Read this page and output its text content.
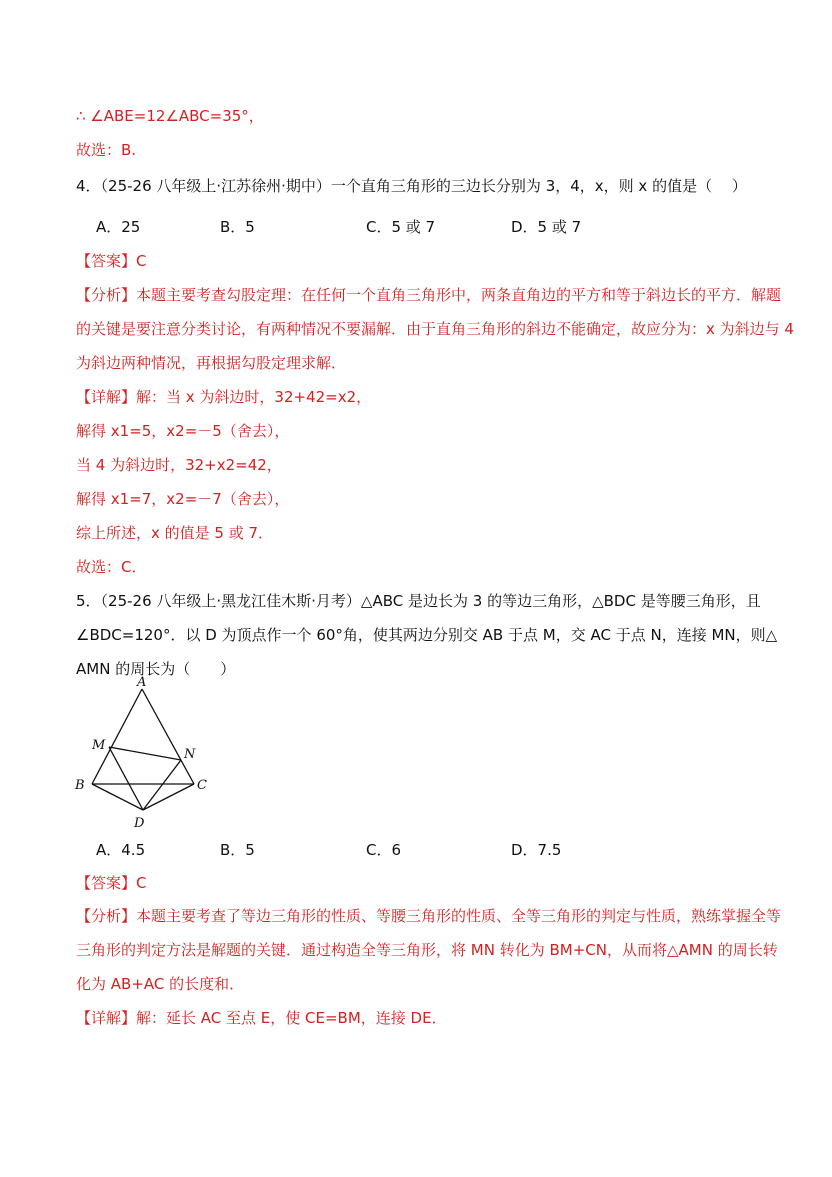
∴ ∠ABE=12∠ABC=35°，
故选：B.
4．（25-26 八年级上·江苏徐州·期中）一个直角三角形的三边长分别为 3，4，x，则 x 的值是（　 ）
A．25	B．5	C．5 或 7	D．5 或 7
【答案】C
【分析】本题主要考查勾股定理：在任何一个直角三角形中，两条直角边的平方和等于斜边长的平方．解题
的关键是要注意分类讨论，有两种情况不要漏解．由于直角三角形的斜边不能确定，故应分为：x 为斜边与 4
为斜边两种情况，再根据勾股定理求解．
【详解】解：当 x 为斜边时，32+42=x2，
解得 x1=5，x2=－5（舍去），
当 4 为斜边时，32+x2=42，
解得 x1=7，x2=－7（舍去），
综上所述，x 的值是 5 或 7．
故选：C．
5．（25-26 八年级上·黑龙江佳木斯·月考）△ABC 是边长为 3 的等边三角形，△BDC 是等腰三角形，且
∠BDC=120°．以 D 为顶点作一个 60°角，使其两边分别交 AB 于点 M，交 AC 于点 N，连接 MN，则△
AMN 的周长为（　　）
A
M
N
B	C
D
A．4.5	B．5	C．6	D．7.5
【答案】C
【分析】本题主要考查了等边三角形的性质、等腰三角形的性质、全等三角形的判定与性质，熟练掌握全等
三角形的判定方法是解题的关键．通过构造全等三角形，将 MN 转化为 BM+CN，从而将△AMN 的周长转
化为 AB+AC 的长度和．
【详解】解：延长 AC 至点 E，使 CE=BM，连接 DE．
